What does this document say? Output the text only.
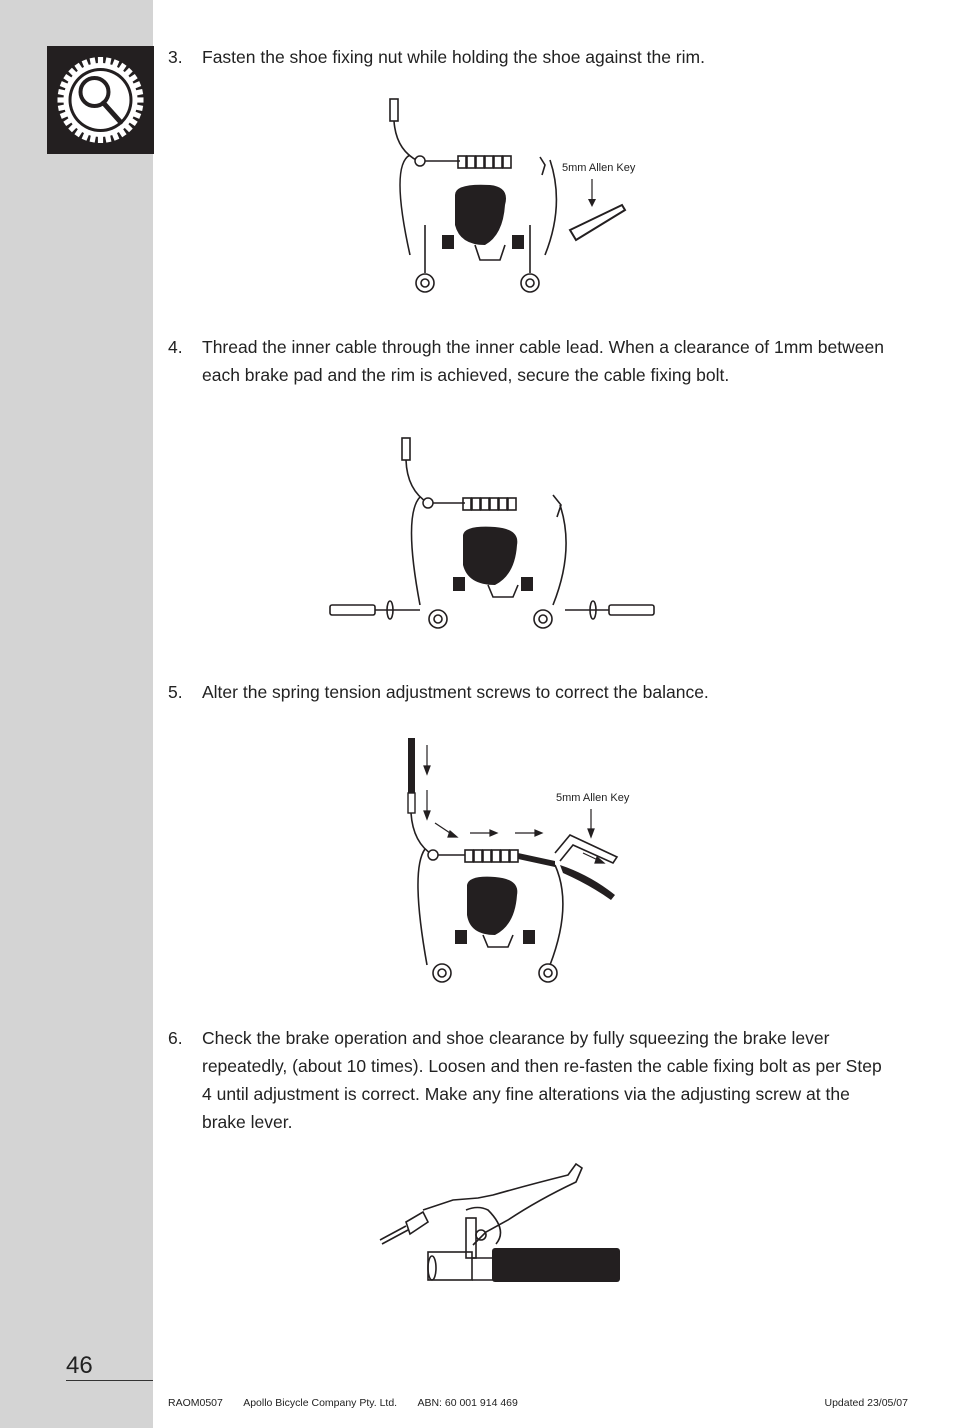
3.	Fasten the shoe fixing nut while holding the shoe against the rim.
5mm Allen Key
4.	Thread the inner cable through the inner cable lead. When a clearance of 1mm between each brake pad and the rim is achieved, secure the cable fixing bolt.
5.	Alter the spring tension adjustment screws to correct the balance.
5mm Allen Key
6.	Check the brake operation and shoe clearance by fully squeezing the brake lever repeatedly, (about 10 times). Loosen and then re-fasten the cable fixing bolt as per Step 4 until adjustment is correct. Make any fine alterations via the adjusting screw at the brake lever.
46
RAOM0507 Apollo Bicycle Company Pty. Ltd. ABN: 60 001 914 469	Updated 23/05/07
